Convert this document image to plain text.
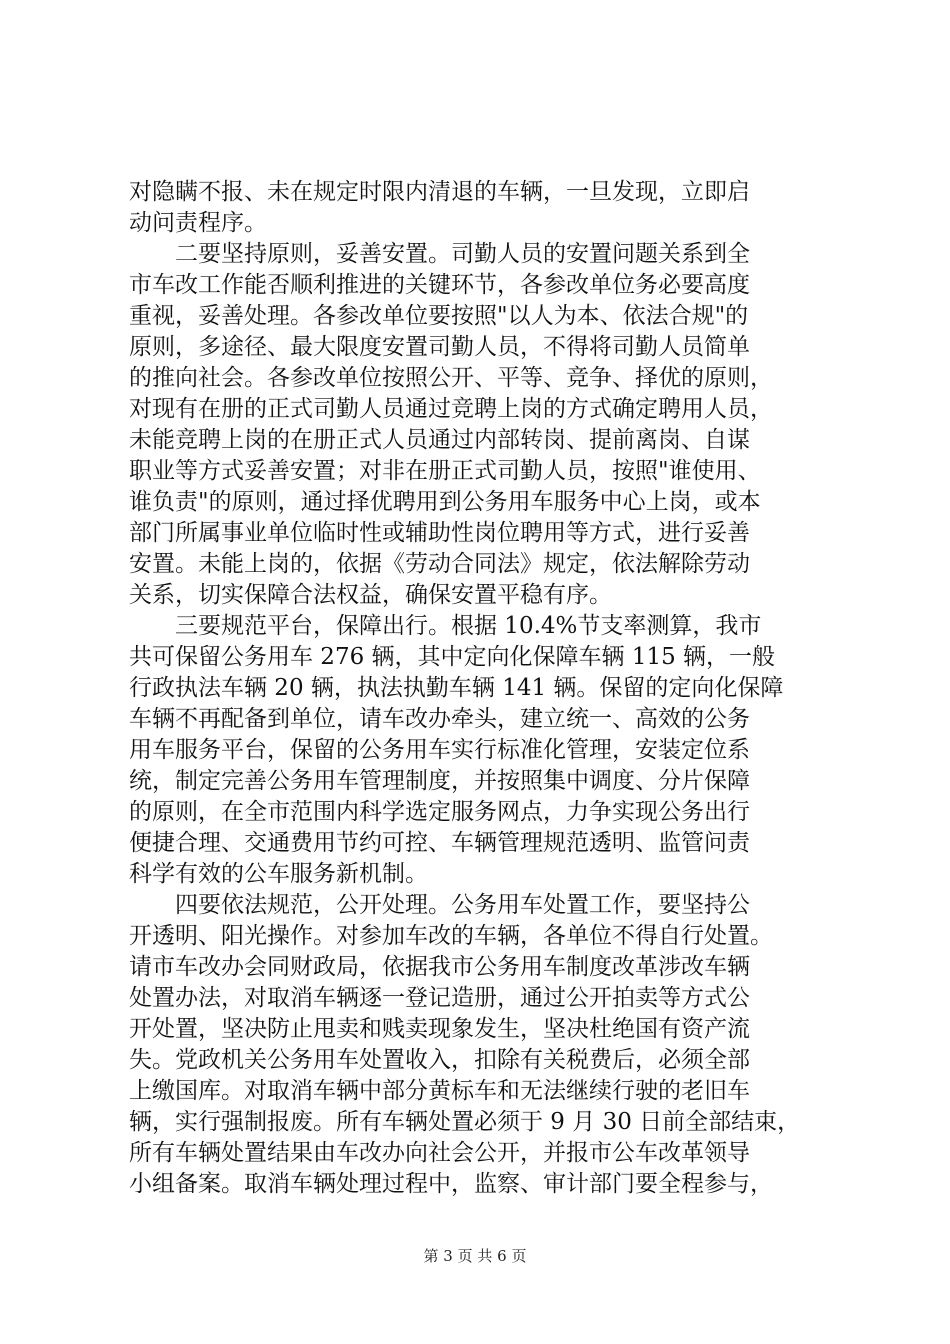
对隐瞒不报、未在规定时限内清退的车辆，一旦发现，立即启
动问责程序。
　　二要坚持原则，妥善安置。司勤人员的安置问题关系到全
市车改工作能否顺利推进的关键环节，各参改单位务必要高度
重视，妥善处理。各参改单位要按照"以人为本、依法合规"的
原则，多途径、最大限度安置司勤人员，不得将司勤人员简单
的推向社会。各参改单位按照公开、平等、竞争、择优的原则，
对现有在册的正式司勤人员通过竞聘上岗的方式确定聘用人员，
未能竞聘上岗的在册正式人员通过内部转岗、提前离岗、自谋
职业等方式妥善安置；对非在册正式司勤人员，按照"谁使用、
谁负责"的原则，通过择优聘用到公务用车服务中心上岗，或本
部门所属事业单位临时性或辅助性岗位聘用等方式，进行妥善
安置。未能上岗的，依据《劳动合同法》规定，依法解除劳动
关系，切实保障合法权益，确保安置平稳有序。
　　三要规范平台，保障出行。根据 10.4%节支率测算，我市
共可保留公务用车 276 辆，其中定向化保障车辆 115 辆，一般
行政执法车辆 20 辆，执法执勤车辆 141 辆。保留的定向化保障
车辆不再配备到单位，请车改办牵头，建立统一、高效的公务
用车服务平台，保留的公务用车实行标准化管理，安装定位系
统，制定完善公务用车管理制度，并按照集中调度、分片保障
的原则，在全市范围内科学选定服务网点，力争实现公务出行
便捷合理、交通费用节约可控、车辆管理规范透明、监管问责
科学有效的公车服务新机制。
　　四要依法规范，公开处理。公务用车处置工作，要坚持公
开透明、阳光操作。对参加车改的车辆，各单位不得自行处置。
请市车改办会同财政局，依据我市公务用车制度改革涉改车辆
处置办法，对取消车辆逐一登记造册，通过公开拍卖等方式公
开处置，坚决防止甩卖和贱卖现象发生，坚决杜绝国有资产流
失。党政机关公务用车处置收入，扣除有关税费后，必须全部
上缴国库。对取消车辆中部分黄标车和无法继续行驶的老旧车
辆，实行强制报废。所有车辆处置必须于 9 月 30 日前全部结束，
所有车辆处置结果由车改办向社会公开，并报市公车改革领导
小组备案。取消车辆处理过程中，监察、审计部门要全程参与，
第 3 页 共 6 页
